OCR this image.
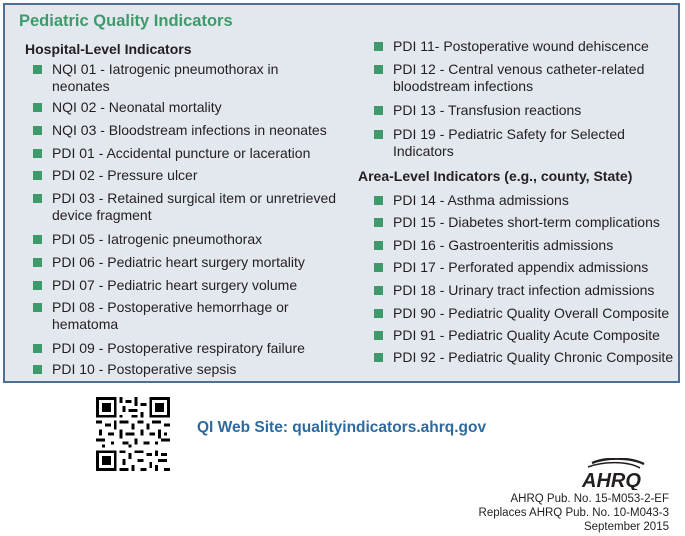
Pediatric Quality Indicators
Hospital-Level Indicators
NQI 01 - Iatrogenic pneumothorax in neonates
NQI 02 - Neonatal mortality
NQI 03 - Bloodstream infections in neonates
PDI 01 - Accidental puncture or laceration
PDI 02 - Pressure ulcer
PDI 03 - Retained surgical item or unretrieved device fragment
PDI 05 - Iatrogenic pneumothorax
PDI 06 - Pediatric heart surgery mortality
PDI 07 - Pediatric heart surgery volume
PDI 08 - Postoperative hemorrhage or hematoma
PDI 09 - Postoperative respiratory failure
PDI 10 - Postoperative sepsis
PDI 11- Postoperative wound dehiscence
PDI 12 - Central venous catheter-related bloodstream infections
PDI 13 - Transfusion reactions
PDI 19 - Pediatric Safety for Selected Indicators
Area-Level Indicators (e.g., county, State)
PDI 14 - Asthma admissions
PDI 15 - Diabetes short-term complications
PDI 16 - Gastroenteritis admissions
PDI 17 - Perforated appendix admissions
PDI 18 - Urinary tract infection admissions
PDI 90 - Pediatric Quality Overall Composite
PDI 91 - Pediatric Quality Acute Composite
PDI 92 - Pediatric Quality Chronic Composite
QI Web Site: qualityindicators.ahrq.gov
AHRQ
AHRQ Pub. No. 15-M053-2-EF
Replaces AHRQ Pub. No. 10-M043-3
September 2015
